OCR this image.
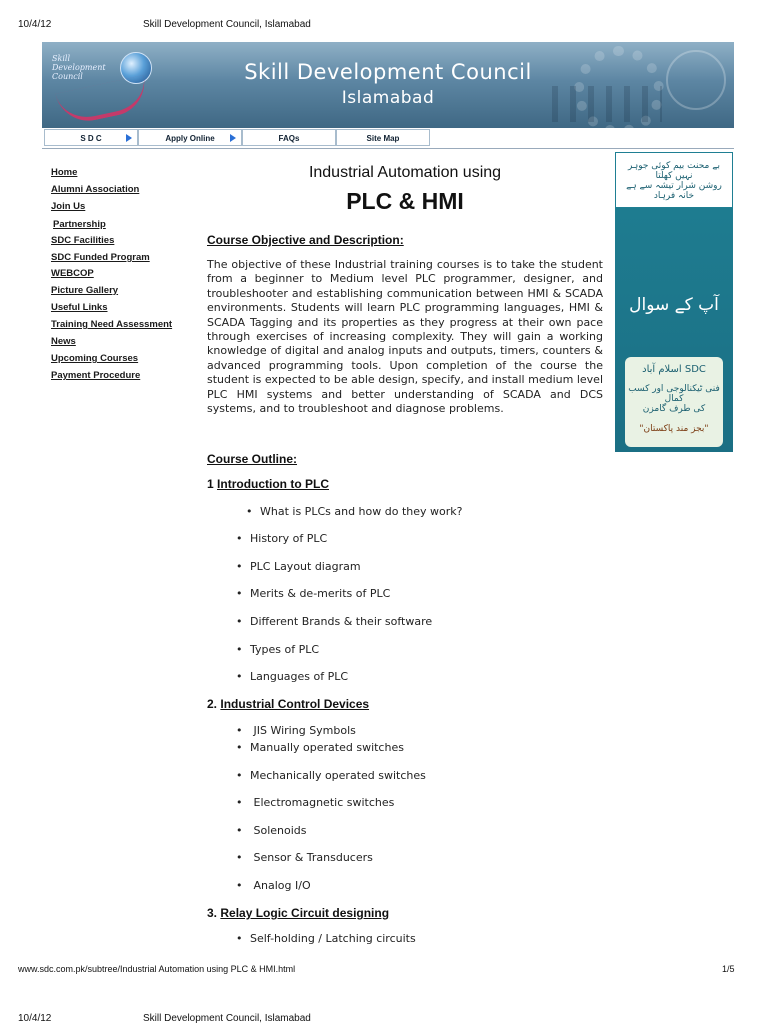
10/4/12	Skill Development Council, Islamabad
Skill Development Council	Skill Development Council
Islamabad
S D C	Apply Online	FAQs	Site Map
Home
Alumni Association
Join Us
Partnership
SDC Facilities
SDC Funded Program
WEBCOP
Picture Gallery
Useful Links
Training Need Assessment
News
Upcoming Courses
Payment Procedure
Industrial Automation using
PLC & HMI
Course Objective and Description:
The objective of these Industrial training courses is to take the student from a beginner to Medium level PLC programmer, designer, and troubleshooter and establishing communication between HMI & SCADA environments. Students will learn PLC programming languages, HMI & SCADA Tagging and its properties as they progress at their own pace through exercises of increasing complexity. They will gain a working knowledge of digital and analog inputs and outputs, timers, counters & advanced programming tools. Upon completion of the course the student is expected to be able design, specify, and install medium level PLC HMI systems and better understanding of SCADA and DCS systems, and to troubleshoot and diagnose problems.
Course Outline:
1 Introduction to PLC
• What is PLCs and how do they work?
• History of PLC
• PLC Layout diagram
• Merits & de-merits of PLC
• Different Brands & their software
• Types of PLC
• Languages of PLC
2. Industrial Control Devices
• JIS Wiring Symbols
• Manually operated switches
• Mechanically operated switches
• Electromagnetic switches
• Solenoids
• Sensor & Transducers
• Analog I/O
3. Relay Logic Circuit designing
• Self-holding / Latching circuits
بے محنت بیم کوئی جوہر نہیں کھلتا
روشن شرار تیشہ سے ہے خانہ فرہاد
آپ کے سوال
SDC اسلام آباد
فنی ٹیکنالوجی اور کسب کمال
کی طرف گامزن
"بجز مند پاکستان"
www.sdc.com.pk/subtree/Industrial Automation using PLC & HMI.html	1/5
10/4/12	Skill Development Council, Islamabad
